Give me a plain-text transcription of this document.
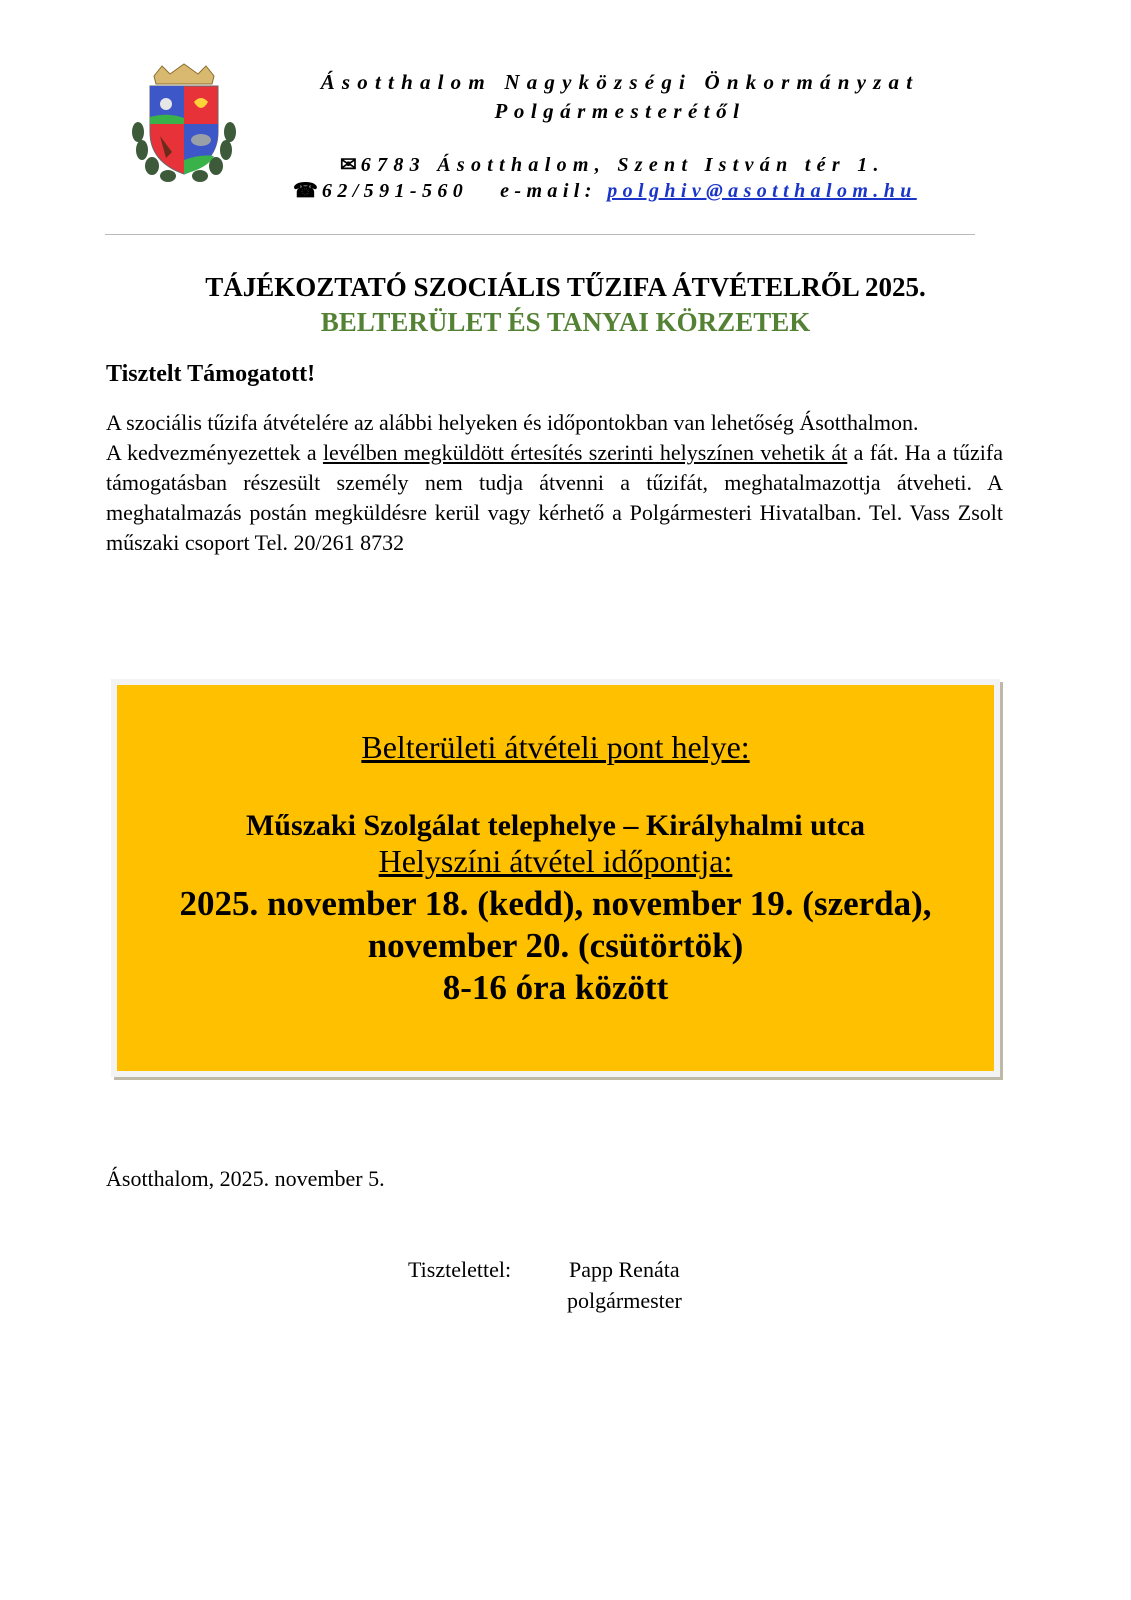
Ásotthalom Nagyközségi Önkormányzat
Polgármesterétől
✉ 6783 Ásotthalom, Szent István tér 1.
☎ 62/591-560 e-mail: polghiv@asotthalom.hu
TÁJÉKOZTATÓ SZOCIÁLIS TŰZIFA ÁTVÉTELRŐL 2025.
BELTERÜLET ÉS TANYAI KÖRZETEK
Tisztelt Támogatott!

A szociális tűzifa átvételére az alábbi helyeken és időpontokban van lehetőség Ásotthalmon.

A kedvezményezettek a levélben megküldött értesítés szerinti helyszínen vehetik át a fát. Ha a tűzifa támogatásban részesült személy nem tudja átvenni a tűzifát, meghatalmazottja átveheti. A meghatalmazás postán megküldésre kerül vagy kérhető a Polgármesteri Hivatalban. Tel. Vass Zsolt műszaki csoport Tel. 20/261 8732

Belterületi átvételi pont helye:
Műszaki Szolgálat telephelye – Királyhalmi utca
Helyszíni átvétel időpontja:
2025. november 18. (kedd), november 19. (szerda),
november 20. (csütörtök)
8-16 óra között
Ásotthalom, 2025. november 5.
Tisztelettel:	Papp Renáta
polgármester
